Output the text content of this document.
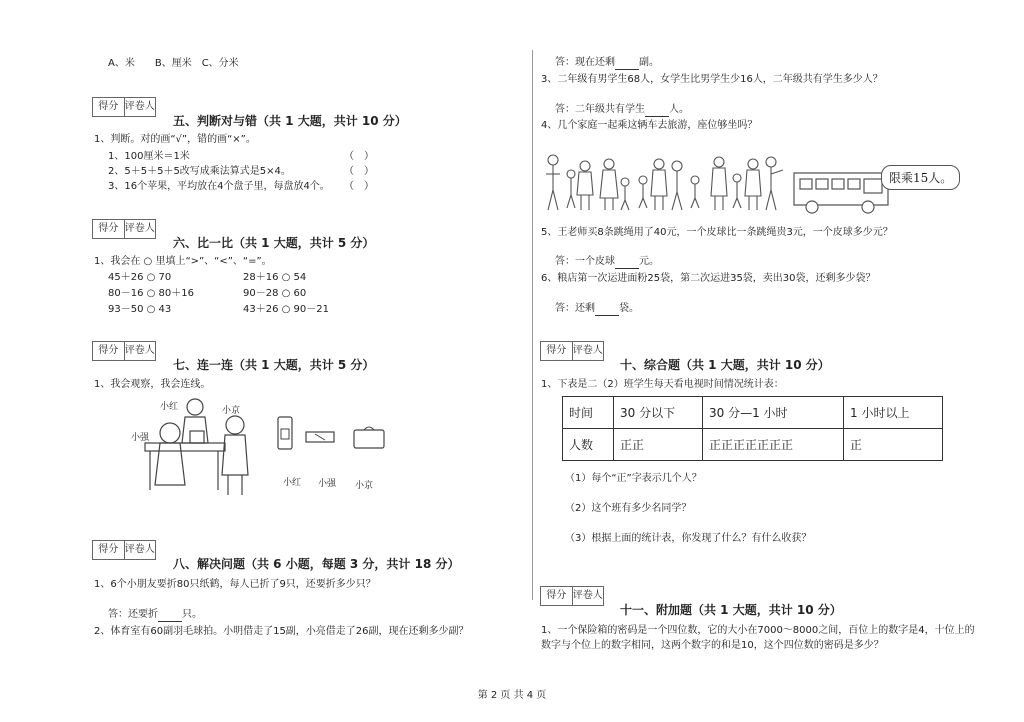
A、米　　B、厘米　C、分米
得分 评卷人
五、判断对与错（共 1 大题，共计 10 分）
1、判断。对的画“√”，错的画“×”。
1、100厘米＝1米	（　）
2、5＋5＋5＋5改写成乘法算式是5×4。	（　）
3、16个苹果，平均放在4个盘子里，每盘放4个。 （　）
得分 评卷人
六、比一比（共 1 大题，共计 5 分）
1、我会在 ○ 里填上“>”、“<”、“=”。
45＋26 ○ 70	28＋16 ○ 54
80－16 ○ 80＋16	90－28 ○ 60
93－50 ○ 43	43＋26 ○ 90－21
得分 评卷人
七、连一连（共 1 大题，共计 5 分）
1、我会观察，我会连线。
小红	小京
小强
小红 小强 小京
得分 评卷人
八、解决问题（共 6 小题，每题 3 分，共计 18 分）
1、6个小朋友要折80只纸鹤，每人已折了9只，还要折多少只？
答：还要折 只。
2、体育室有60副羽毛球拍。小明借走了15副，小亮借走了26副，现在还剩多少副？
答：现在还剩 副。
3、二年级有男学生68人，女学生比男学生少16人，二年级共有学生多少人？
答：二年级共有学生 人。
4、几个家庭一起乘这辆车去旅游，座位够坐吗？
限乘15人。
5、王老师买8条跳绳用了40元，一个皮球比一条跳绳贵3元，一个皮球多少元？
答：一个皮球 元。
6、粮店第一次运进面粉25袋，第二次运进35袋，卖出30袋，还剩多少袋？
答：还剩 袋。
得分 评卷人
十、综合题（共 1 大题，共计 10 分）
1、下表是二（2）班学生每天看电视时间情况统计表：
时间	30 分以下	30 分—1 小时	1 小时以上
人数	正正	正正正正正正正	正
（1）每个“正”字表示几个人？
（2）这个班有多少名同学？
（3）根据上面的统计表，你发现了什么？有什么收获？
得分 评卷人
十一、附加题（共 1 大题，共计 10 分）
1、一个保险箱的密码是一个四位数，它的大小在7000～8000之间，百位上的数字是4，十位上的
数字与个位上的数字相同，这两个数字的和是10，这个四位数的密码是多少？
第 2 页 共 4 页
